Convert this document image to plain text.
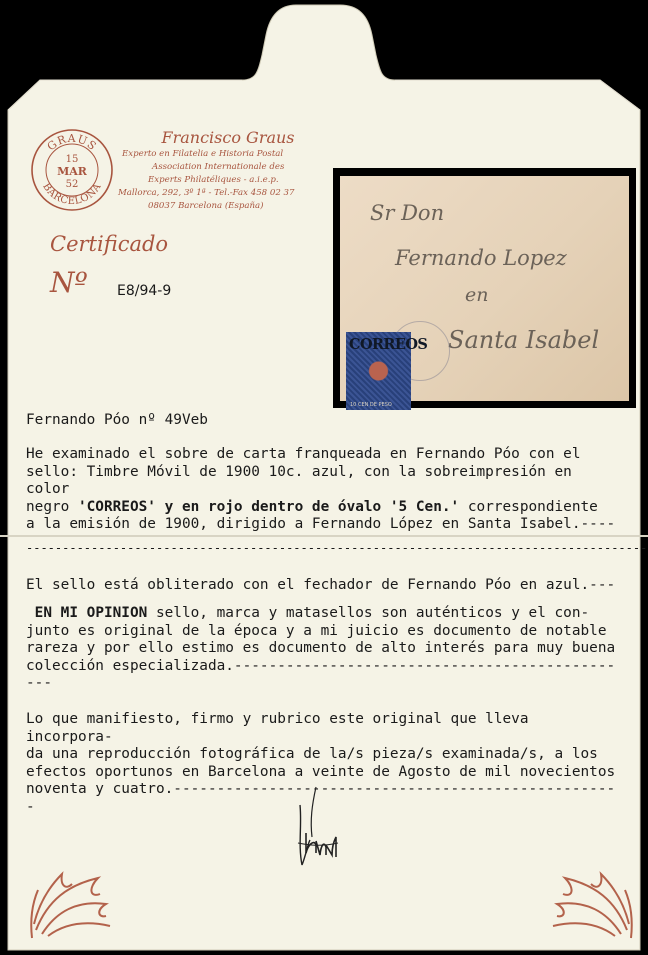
GRAUS
BARCELONA
15
MAR
52
Francisco Graus
Experto en Filatelia e Historia Postal
Association Internationale des
Experts Philatéliques - a.i.e.p.
Mallorca, 292, 3º 1ª - Tel.-Fax 458 02 37
08037 Barcelona (España)
Certificado
Nº E8/94-9
Sr Don
Fernando Lopez
en
Santa Isabel
CORREOS
10 CEN DE PESO
Fernando Póo nº 49Veb
He examinado el sobre de carta franqueada en Fernando Póo con el
sello: Timbre Móvil de 1900 10c. azul, con la sobreimpresión en color
negro 'CORREOS' y en rojo dentro de óvalo '5 Cen.' correspondiente
a la emisión de 1900, dirigido a Fernando López en Santa Isabel.----
--------------------------------------------------------------------------------------
El sello está obliterado con el fechador de Fernando Póo en azul.---
EN MI OPINION sello, marca y matasellos son auténticos y el con-
junto es original de la época y a mi juicio es documento de notable
rareza y por ello estimo es documento de alto interés para muy buena
colección especializada.-----------------------------------------------
Lo que manifiesto, firmo y rubrico este original que lleva incorpora-
da una reproducción fotográfica de la/s pieza/s examinada/s, a los
efectos oportunos en Barcelona a veinte de Agosto de mil novecientos
noventa y cuatro.----------------------------------------------------
